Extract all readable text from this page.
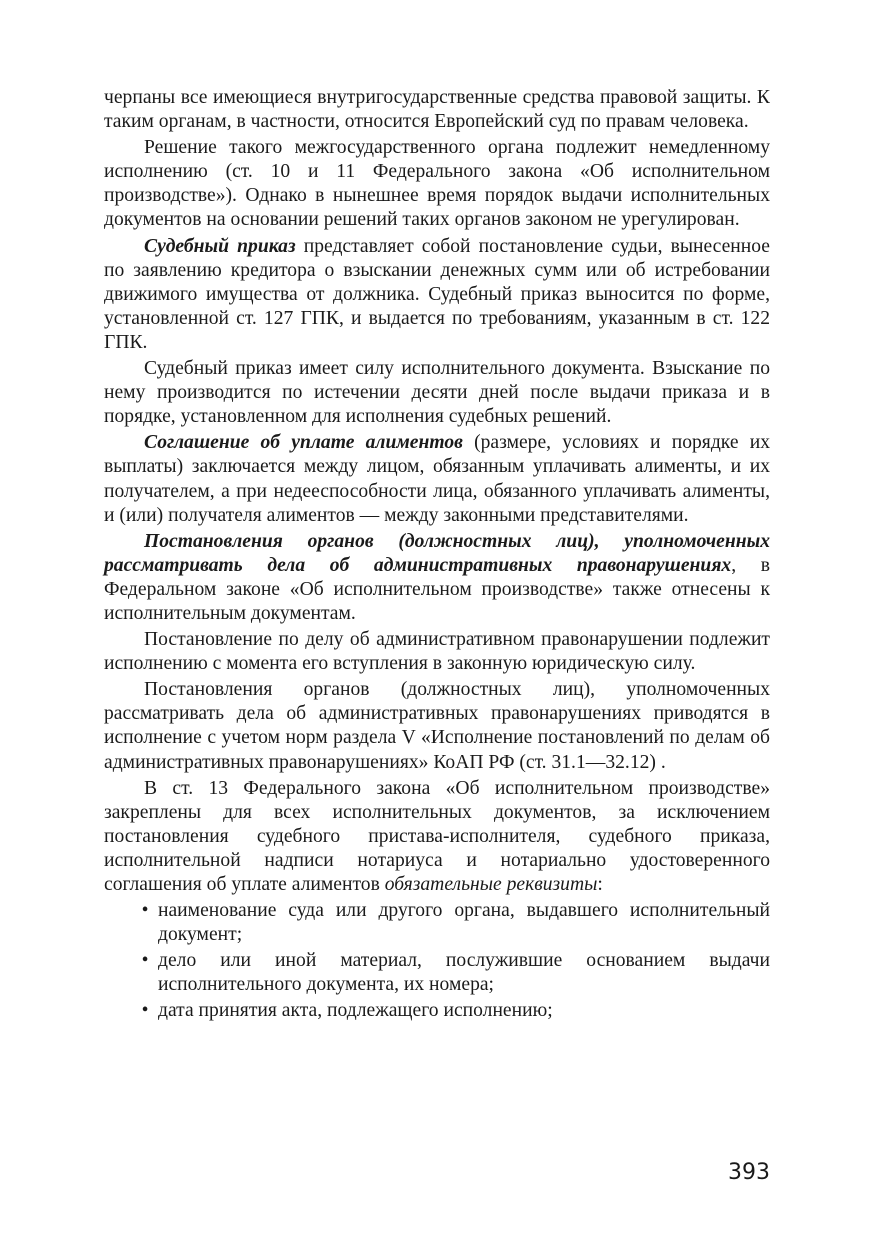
черпаны все имеющиеся внутригосударственные средства правовой защиты. К таким органам, в частности, относится Европейский суд по правам человека.

Решение такого межгосударственного органа подлежит немедленному исполнению (ст. 10 и 11 Федерального закона «Об исполнительном производстве»). Однако в нынешнее время порядок выдачи исполнительных документов на основании решений таких органов законом не урегулирован.

Судебный приказ представляет собой постановление судьи, вынесенное по заявлению кредитора о взыскании денежных сумм или об истребовании движимого имущества от должника. Судебный приказ выносится по форме, установленной ст. 127 ГПК, и выдается по требованиям, указанным в ст. 122 ГПК.

Судебный приказ имеет силу исполнительного документа. Взыскание по нему производится по истечении десяти дней после выдачи приказа и в порядке, установленном для исполнения судебных решений.

Соглашение об уплате алиментов (размере, условиях и порядке их выплаты) заключается между лицом, обязанным уплачивать алименты, и их получателем, а при недееспособности лица, обязанного уплачивать алименты, и (или) получателя алиментов — между законными представителями.

Постановления органов (должностных лиц), уполномоченных рассматривать дела об административных правонарушениях, в Федеральном законе «Об исполнительном производстве» также отнесены к исполнительным документам.

Постановление по делу об административном правонарушении подлежит исполнению с момента его вступления в законную юридическую силу.

Постановления органов (должностных лиц), уполномоченных рассматривать дела об административных правонарушениях приводятся в исполнение с учетом норм раздела V «Исполнение постановлений по делам об административных правонарушениях» КоАП РФ (ст. 31.1—32.12) .

В ст. 13 Федерального закона «Об исполнительном производстве» закреплены для всех исполнительных документов, за исключением постановления судебного пристава-исполнителя, судебного приказа, исполнительной надписи нотариуса и нотариально удостоверенного соглашения об уплате алиментов обязательные реквизиты:

• наименование суда или другого органа, выдавшего исполнительный документ;
• дело или иной материал, послужившие основанием выдачи исполнительного документа, их номера;
• дата принятия акта, подлежащего исполнению;
393
